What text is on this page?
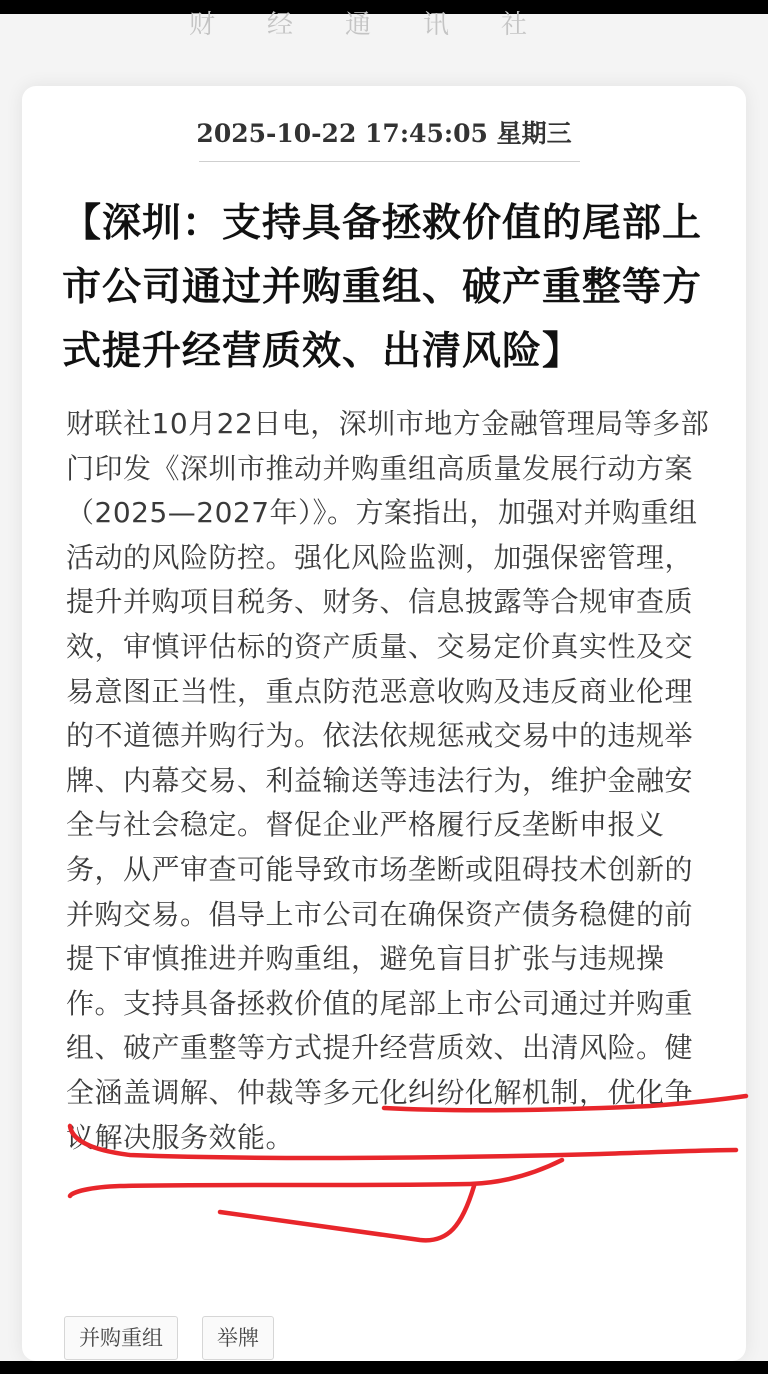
财经通讯社
2025-10-22 17:45:05 星期三
【深圳：支持具备拯救价值的尾部上市公司通过并购重组、破产重整等方式提升经营质效、出清风险】

财联社10月22日电，深圳市地方金融管理局等多部门印发《深圳市推动并购重组高质量发展行动方案（2025—2027年）》。方案指出，加强对并购重组活动的风险防控。强化风险监测，加强保密管理，提升并购项目税务、财务、信息披露等合规审查质效，审慎评估标的资产质量、交易定价真实性及交易意图正当性，重点防范恶意收购及违反商业伦理的不道德并购行为。依法依规惩戒交易中的违规举牌、内幕交易、利益输送等违法行为，维护金融安全与社会稳定。督促企业严格履行反垄断申报义务，从严审查可能导致市场垄断或阻碍技术创新的并购交易。倡导上市公司在确保资产债务稳健的前提下审慎推进并购重组，避免盲目扩张与违规操作。支持具备拯救价值的尾部上市公司通过并购重组、破产重整等方式提升经营质效、出清风险。健全涵盖调解、仲裁等多元化纠纷化解机制，优化争议解决服务效能。

并购重组	举牌
